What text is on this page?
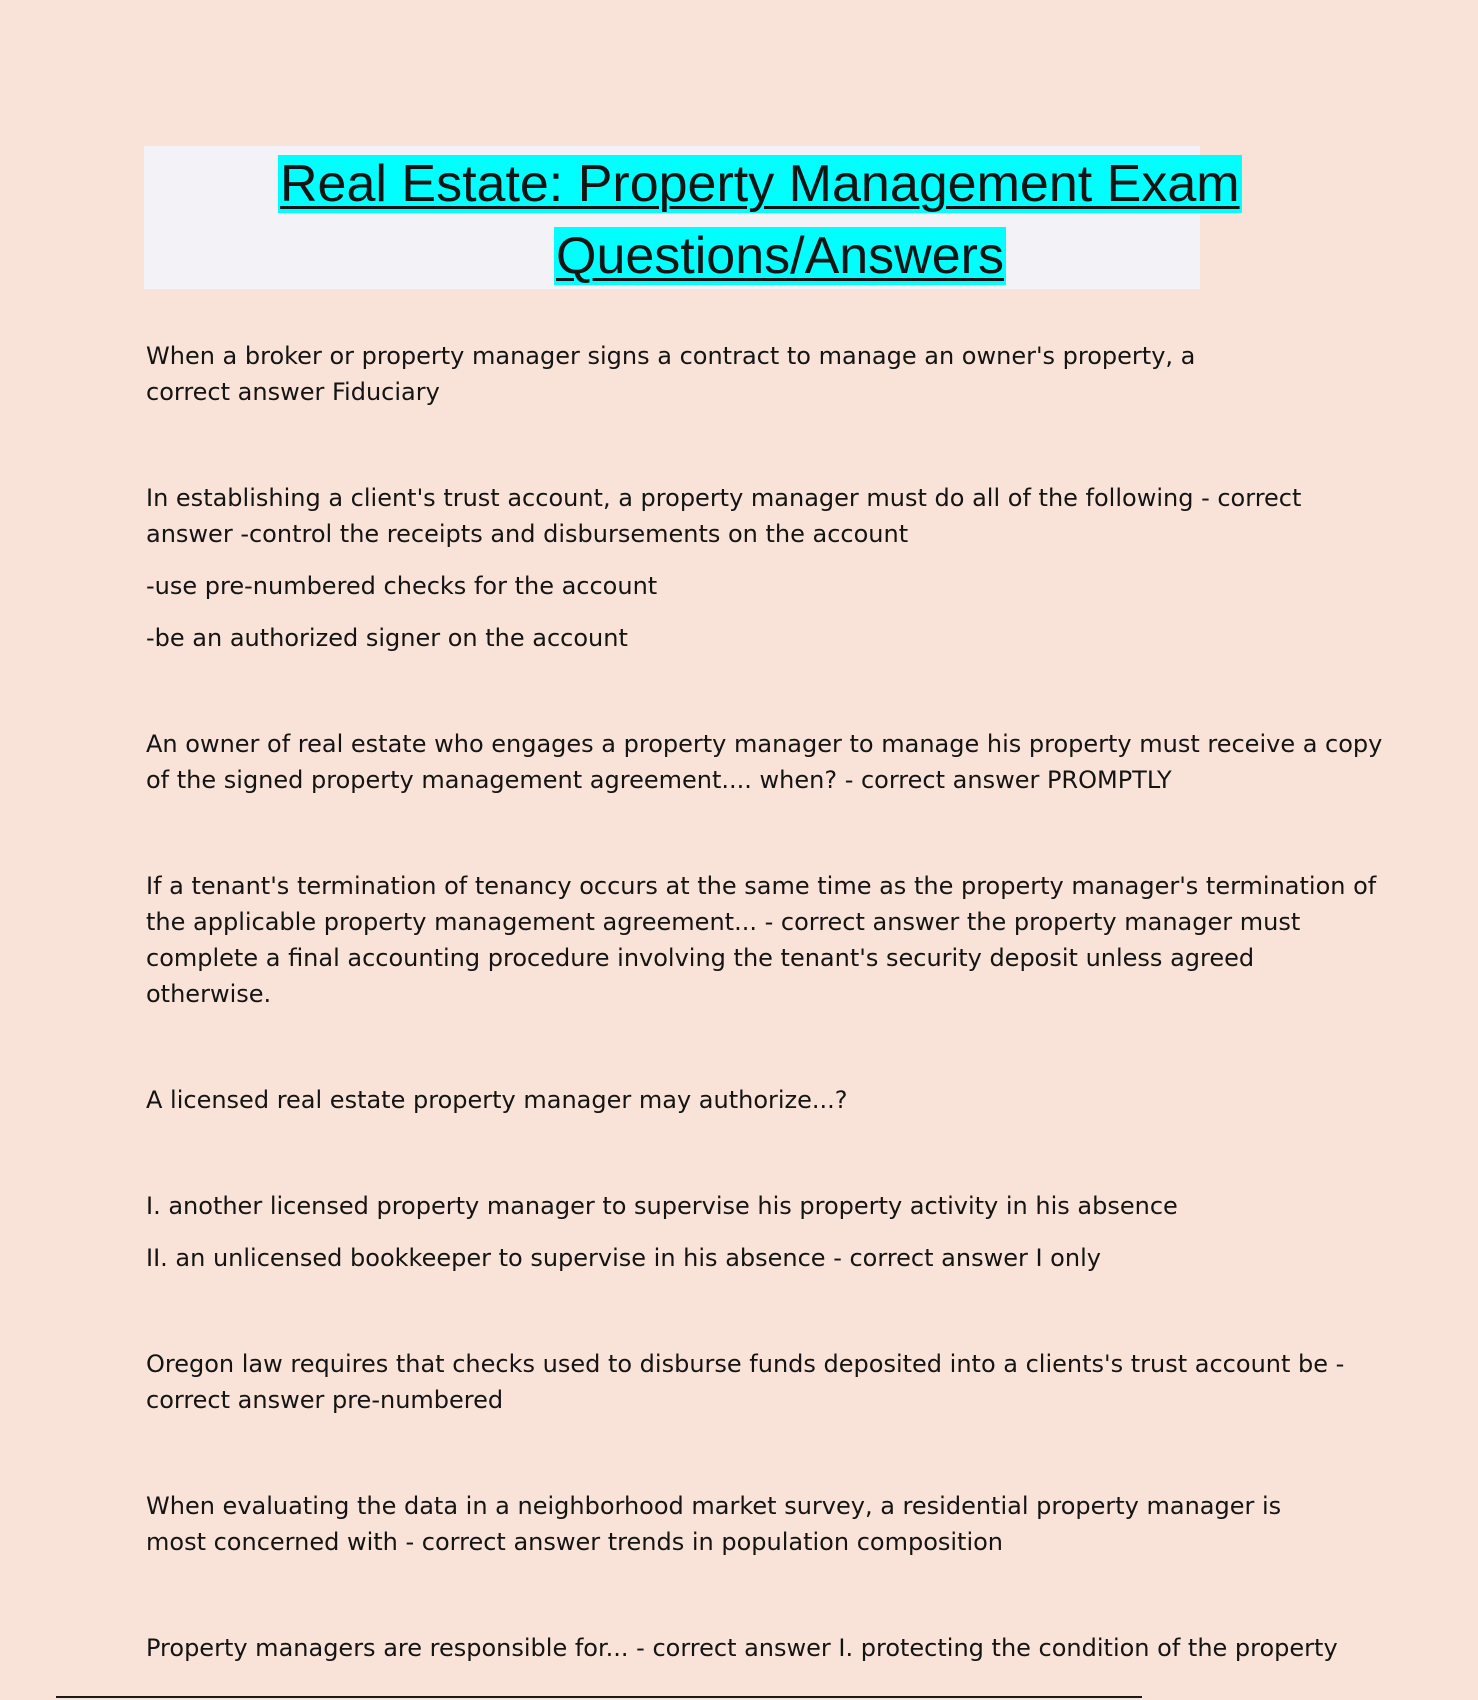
Real Estate: Property Management Exam
Questions/Answers

When a broker or property manager signs a contract to manage an owner's property, a
correct answer Fiduciary

In establishing a client's trust account, a property manager must do all of the following - correct
answer -control the receipts and disbursements on the account

-use pre-numbered checks for the account

-be an authorized signer on the account

An owner of real estate who engages a property manager to manage his property must receive a copy
of the signed property management agreement.... when? - correct answer PROMPTLY

If a tenant's termination of tenancy occurs at the same time as the property manager's termination of
the applicable property management agreement... - correct answer the property manager must
complete a final accounting procedure involving the tenant's security deposit unless agreed
otherwise.

A licensed real estate property manager may authorize...?

I. another licensed property manager to supervise his property activity in his absence

II. an unlicensed bookkeeper to supervise in his absence - correct answer I only

Oregon law requires that checks used to disburse funds deposited into a clients's trust account be -
correct answer pre-numbered

When evaluating the data in a neighborhood market survey, a residential property manager is
most concerned with - correct answer trends in population composition

Property managers are responsible for... - correct answer I. protecting the condition of the property
